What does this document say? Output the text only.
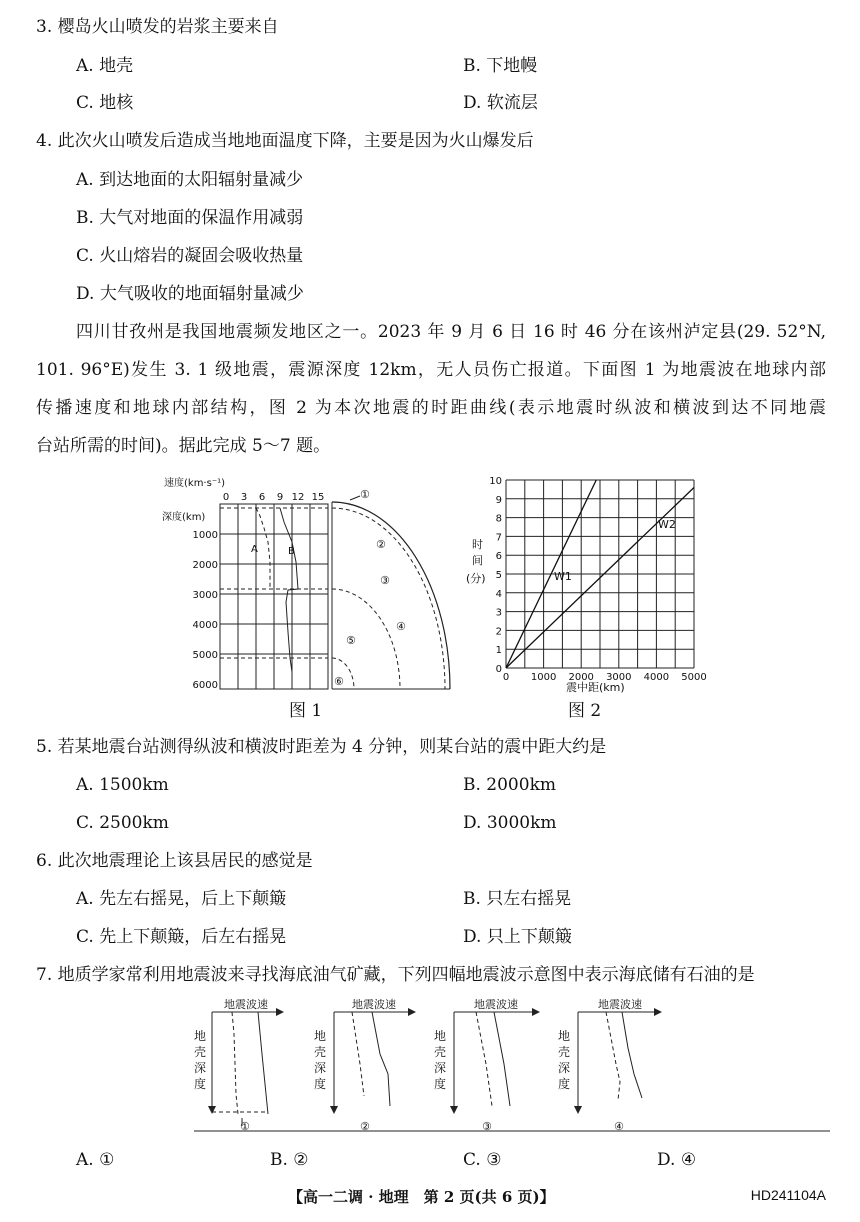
3. 樱岛火山喷发的岩浆主要来自
A. 地壳	B. 下地幔
C. 地核	D. 软流层
4. 此次火山喷发后造成当地地面温度下降，主要是因为火山爆发后
A. 到达地面的太阳辐射量减少
B. 大气对地面的保温作用减弱
C. 火山熔岩的凝固会吸收热量
D. 大气吸收的地面辐射量减少
四川甘孜州是我国地震频发地区之一。2023 年 9 月 6 日 16 时 46 分在该州泸定县(29. 52°N,
101. 96°E)发生 3. 1 级地震，震源深度 12km，无人员伤亡报道。下面图 1 为地震波在地球内部
传播速度和地球内部结构，图 2 为本次地震的时距曲线(表示地震时纵波和横波到达不同地震
台站所需的时间)。据此完成 5～7 题。
速度(km·s⁻¹)
0 3 6 9 12 15
深度(km)
1000
2000
3000
4000
5000
6000
A	B
①
②
③
④
⑤
⑥
图 1
0
1
2
3
4
5
6
7
8
9
10
0 1000 2000 3000 4000 5000
时
间
(分)	W1
W2
震中距(km)
图 2
5. 若某地震台站测得纵波和横波时距差为 4 分钟，则某台站的震中距大约是
A. 1500km	B. 2000km
C. 2500km	D. 3000km
6. 此次地震理论上该县居民的感觉是
A. 先左右摇晃，后上下颠簸	B. 只左右摇晃
C. 先上下颠簸，后左右摇晃	D. 只上下颠簸
7. 地质学家常利用地震波来寻找海底油气矿藏，下列四幅地震波示意图中表示海底储有石油的是
地震波速
地
壳
深
度
①
地震波速
地
壳
深
度
②
地震波速
地
壳
深
度
③
地震波速
地
壳
深
度
④
A. ①	B. ②	C. ③	D. ④
【高一二调 · 地理　第 2 页(共 6 页)】	HD241104A
